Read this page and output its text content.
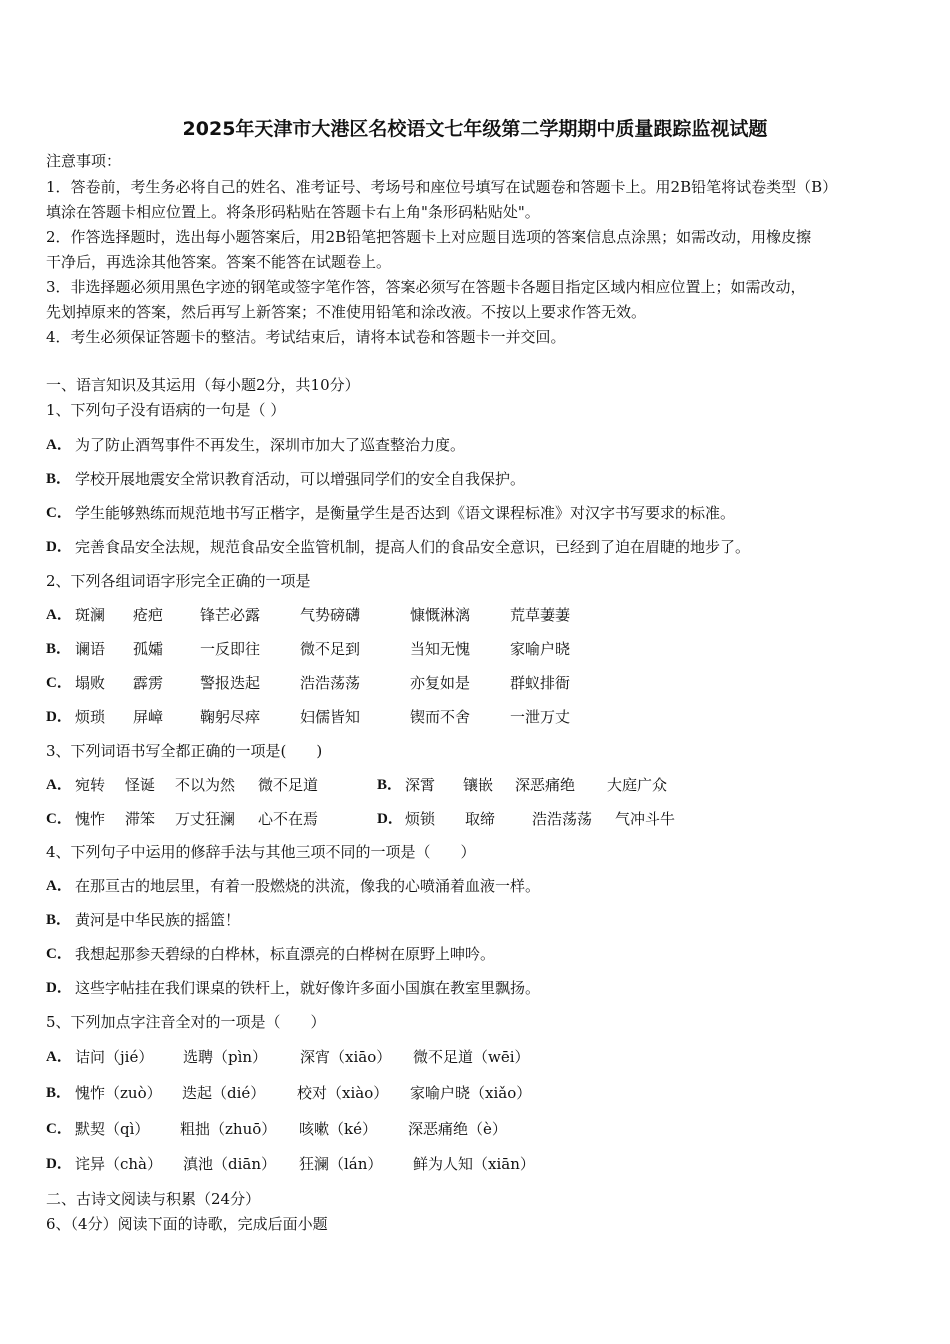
2025年天津市大港区名校语文七年级第二学期期中质量跟踪监视试题
注意事项：
1．答卷前，考生务必将自己的姓名、准考证号、考场号和座位号填写在试题卷和答题卡上。用2B铅笔将试卷类型（B）
填涂在答题卡相应位置上。将条形码粘贴在答题卡右上角"条形码粘贴处"。
2．作答选择题时，选出每小题答案后，用2B铅笔把答题卡上对应题目选项的答案信息点涂黑；如需改动，用橡皮擦
干净后，再选涂其他答案。答案不能答在试题卷上。
3．非选择题必须用黑色字迹的钢笔或签字笔作答，答案必须写在答题卡各题目指定区域内相应位置上；如需改动，
先划掉原来的答案，然后再写上新答案；不准使用铅笔和涂改液。不按以上要求作答无效。
4．考生必须保证答题卡的整洁。考试结束后，请将本试卷和答题卡一并交回。
一、语言知识及其运用（每小题2分，共10分）
1、下列句子没有语病的一句是（ ）
3、下列词语书写全都正确的一项是(　　)
2、下列各组词语字形完全正确的一项是
4、下列句子中运用的修辞手法与其他三项不同的一项是（　　）
5、下列加点字注音全对的一项是（　　）
二、古诗文阅读与积累（24分）
6、（4分）阅读下面的诗歌，完成后面小题
A． 为了防止酒驾事件不再发生，深圳市加大了巡查整治力度。
B． 学校开展地震安全常识教育活动，可以增强同学们的安全自我保护。
C． 学生能够熟练而规范地书写正楷字，是衡量学生是否达到《语文课程标准》对汉字书写要求的标准。
D． 完善食品安全法规，规范食品安全监管机制，提高人们的食品安全意识，已经到了迫在眉睫的地步了。
A． 斑澜 疮疤 锋芒必露	气势磅礴	慷慨淋漓	荒草萋萋
B． 谰语 孤孀 一反即往	微不足到	当知无愧	家喻户晓
C． 塌败 霹雳 警报迭起	浩浩荡荡	亦复如是	群蚁排衙
D． 烦琐 屏嶂 鞠躬尽瘁	妇儒皆知	锲而不舍	一泄万丈
A． 宛转 怪诞 不以为然 微不足道	B． 深霄 镶嵌 深恶痛绝 大庭广众
C． 愧怍 滞笨 万丈狂澜 心不在焉	D． 烦锁 取缔 浩浩荡荡 气冲斗牛
A． 在那亘古的地层里，有着一股燃烧的洪流，像我的心喷涌着血液一样。
B． 黄河是中华民族的摇篮！
C． 我想起那参天碧绿的白桦林，标直漂亮的白桦树在原野上呻吟。
D． 这些字帖挂在我们课桌的铁杆上，就好像许多面小国旗在教室里飘扬。
A． 诘问（jié） 选聘（pìn） 深宵（xiāo） 微不足道（wēi）
B． 愧怍（zuò） 迭起（dié） 校对（xiào） 家喻户晓（xiǎo）
C． 默契（qì） 粗拙（zhuō） 咳嗽（ké） 深恶痛绝（è）
D． 诧异（chà） 滇池（diān） 狂澜（lán） 鲜为人知（xiān）
